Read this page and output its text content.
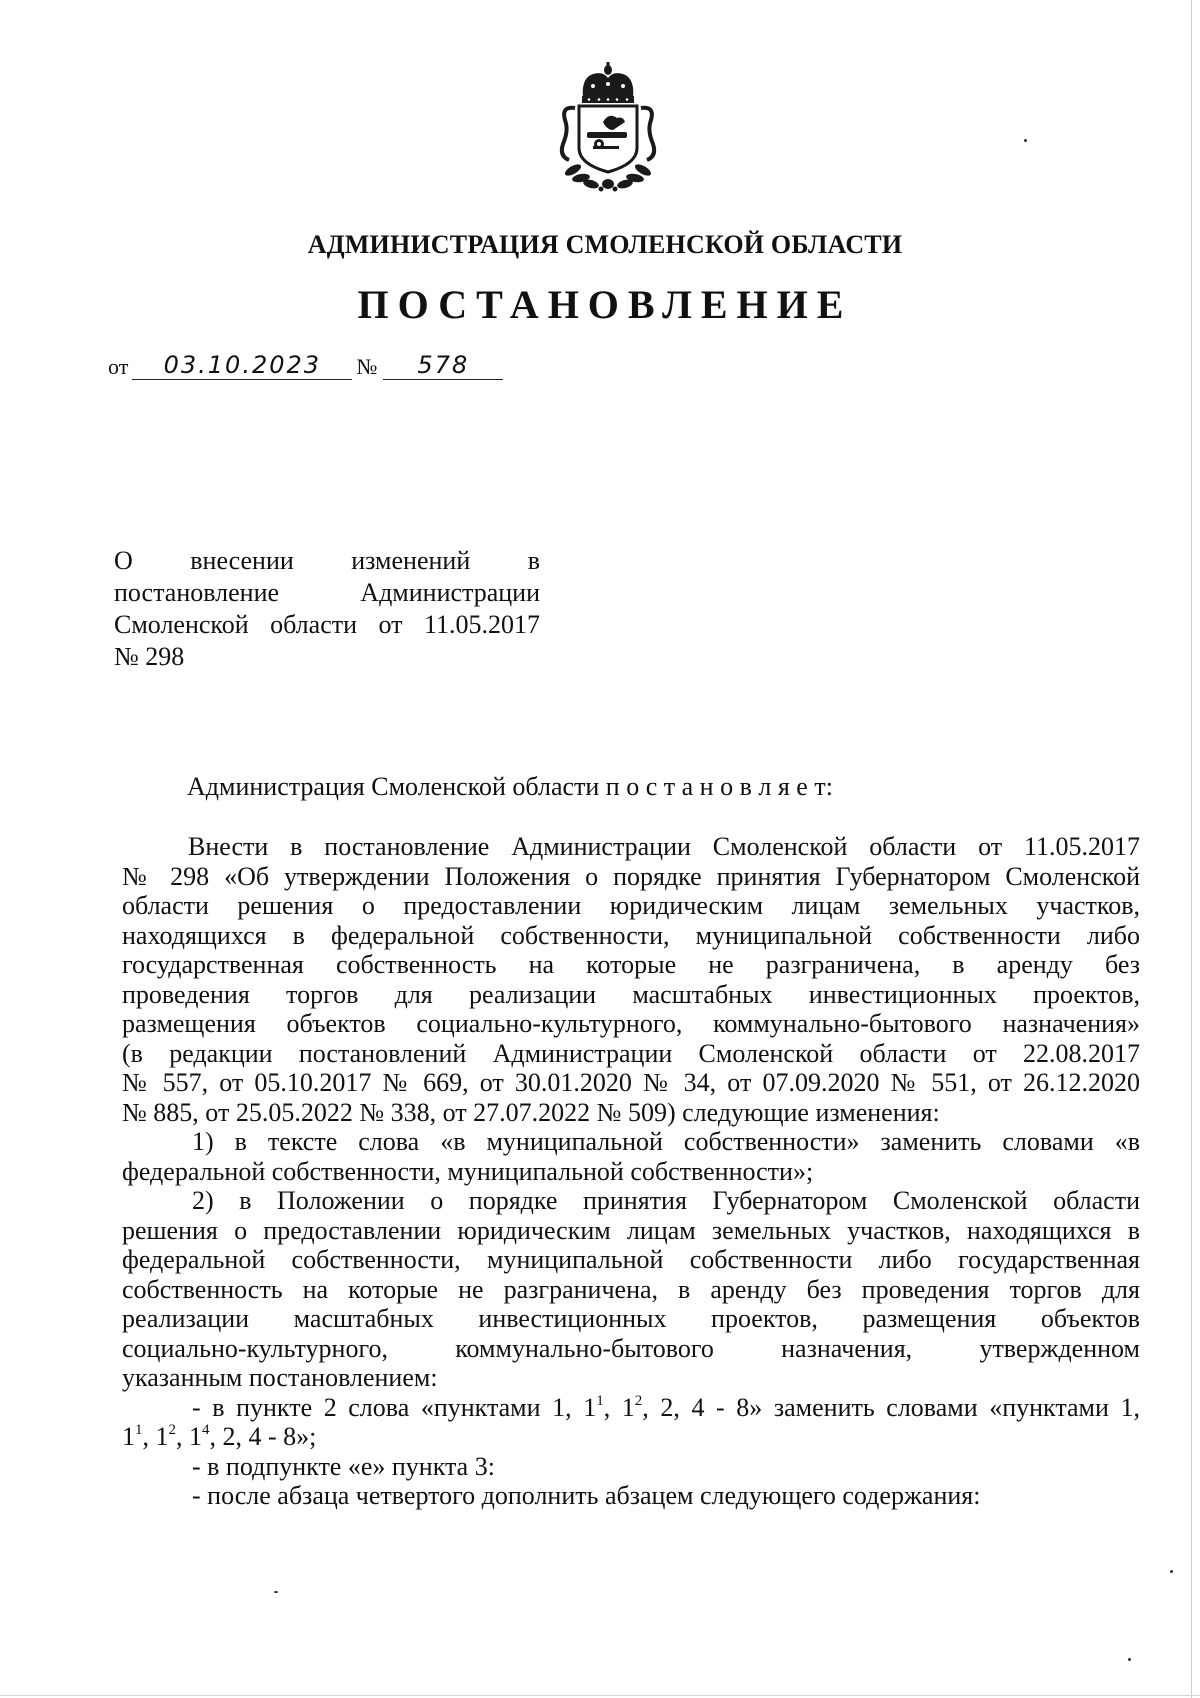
АДМИНИСТРАЦИЯ СМОЛЕНСКОЙ ОБЛАСТИ
ПОСТАНОВЛЕНИЕ
от 03.10.2023 № 578
О внесении изменений в
постановление Администрации
Смоленской области от 11.05.2017
№ 298
Администрация Смоленской области п о с т а н о в л я е т:
Внести в постановление Администрации Смоленской области от 11.05.2017
№ 298 «Об утверждении Положения о порядке принятия Губернатором Смоленской
области решения о предоставлении юридическим лицам земельных участков,
находящихся в федеральной собственности, муниципальной собственности либо
государственная собственность на которые не разграничена, в аренду без
проведения торгов для реализации масштабных инвестиционных проектов,
размещения объектов социально-культурного, коммунально-бытового назначения»
(в редакции постановлений Администрации Смоленской области от 22.08.2017
№ 557, от 05.10.2017 № 669, от 30.01.2020 № 34, от 07.09.2020 № 551, от 26.12.2020
№ 885, от 25.05.2022 № 338, от 27.07.2022 № 509) следующие изменения:
1) в тексте слова «в муниципальной собственности» заменить словами «в
федеральной собственности, муниципальной собственности»;
2) в Положении о порядке принятия Губернатором Смоленской области
решения о предоставлении юридическим лицам земельных участков, находящихся в
федеральной собственности, муниципальной собственности либо государственная
собственность на которые не разграничена, в аренду без проведения торгов для
реализации масштабных инвестиционных проектов, размещения объектов
социально-культурного, коммунально-бытового назначения, утвержденном
указанным постановлением:
- в пункте 2 слова «пунктами 1, $1^1$, $1^2$, 2, 4 - 8» заменить словами «пунктами 1,
$1^1$, $1^2$, $1^4$, 2, 4 - 8»;
- в подпункте «е» пункта 3:
- после абзаца четвертого дополнить абзацем следующего содержания:
